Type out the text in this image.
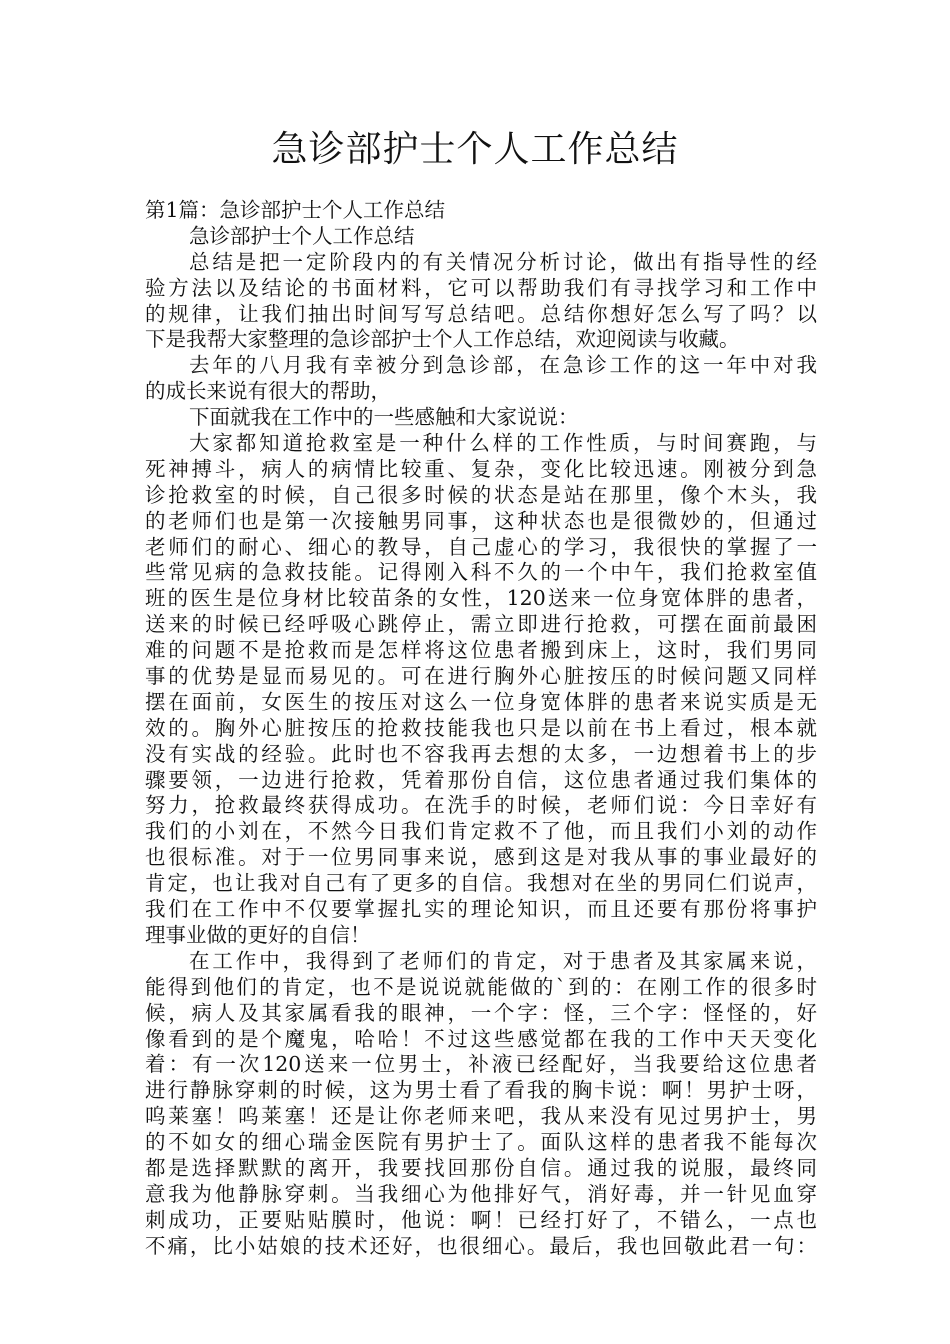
急诊部护士个人工作总结
第1篇：急诊部护士个人工作总结
急诊部护士个人工作总结
总结是把一定阶段内的有关情况分析讨论，做出有指导性的经
验方法以及结论的书面材料，它可以帮助我们有寻找学习和工作中
的规律，让我们抽出时间写写总结吧。总结你想好怎么写了吗？以
下是我帮大家整理的急诊部护士个人工作总结，欢迎阅读与收藏。
去年的八月我有幸被分到急诊部，在急诊工作的这一年中对我
的成长来说有很大的帮助，
下面就我在工作中的一些感触和大家说说：
大家都知道抢救室是一种什么样的工作性质，与时间赛跑，与
死神搏斗，病人的病情比较重、复杂，变化比较迅速。刚被分到急
诊抢救室的时候，自己很多时候的状态是站在那里，像个木头，我
的老师们也是第一次接触男同事，这种状态也是很微妙的，但通过
老师们的耐心、细心的教导，自己虚心的学习，我很快的掌握了一
些常见病的急救技能。记得刚入科不久的一个中午，我们抢救室值
班的医生是位身材比较苗条的女性，120送来一位身宽体胖的患者，
送来的时候已经呼吸心跳停止，需立即进行抢救，可摆在面前最困
难的问题不是抢救而是怎样将这位患者搬到床上，这时，我们男同
事的优势是显而易见的。可在进行胸外心脏按压的时候问题又同样
摆在面前，女医生的按压对这么一位身宽体胖的患者来说实质是无
效的。胸外心脏按压的抢救技能我也只是以前在书上看过，根本就
没有实战的经验。此时也不容我再去想的太多，一边想着书上的步
骤要领，一边进行抢救，凭着那份自信，这位患者通过我们集体的
努力，抢救最终获得成功。在洗手的时候，老师们说：今日幸好有
我们的小刘在，不然今日我们肯定救不了他，而且我们小刘的动作
也很标准。对于一位男同事来说，感到这是对我从事的事业最好的
肯定，也让我对自己有了更多的自信。我想对在坐的男同仁们说声，
我们在工作中不仅要掌握扎实的理论知识，而且还要有那份将事护
理事业做的更好的自信！
在工作中，我得到了老师们的肯定，对于患者及其家属来说，
能得到他们的肯定，也不是说说就能做的`到的：在刚工作的很多时
候，病人及其家属看我的眼神，一个字：怪，三个字：怪怪的，好
像看到的是个魔鬼，哈哈！不过这些感觉都在我的工作中天天变化
着：有一次120送来一位男士，补液已经配好，当我要给这位患者
进行静脉穿刺的时候，这为男士看了看我的胸卡说：啊！男护士呀，
呜莱塞！呜莱塞！还是让你老师来吧，我从来没有见过男护士，男
的不如女的细心瑞金医院有男护士了。面队这样的患者我不能每次
都是选择默默的离开，我要找回那份自信。通过我的说服，最终同
意我为他静脉穿刺。当我细心为他排好气，消好毒，并一针见血穿
刺成功，正要贴贴膜时，他说：啊！已经打好了，不错么，一点也
不痛，比小姑娘的技术还好，也很细心。最后，我也回敬此君一句：
